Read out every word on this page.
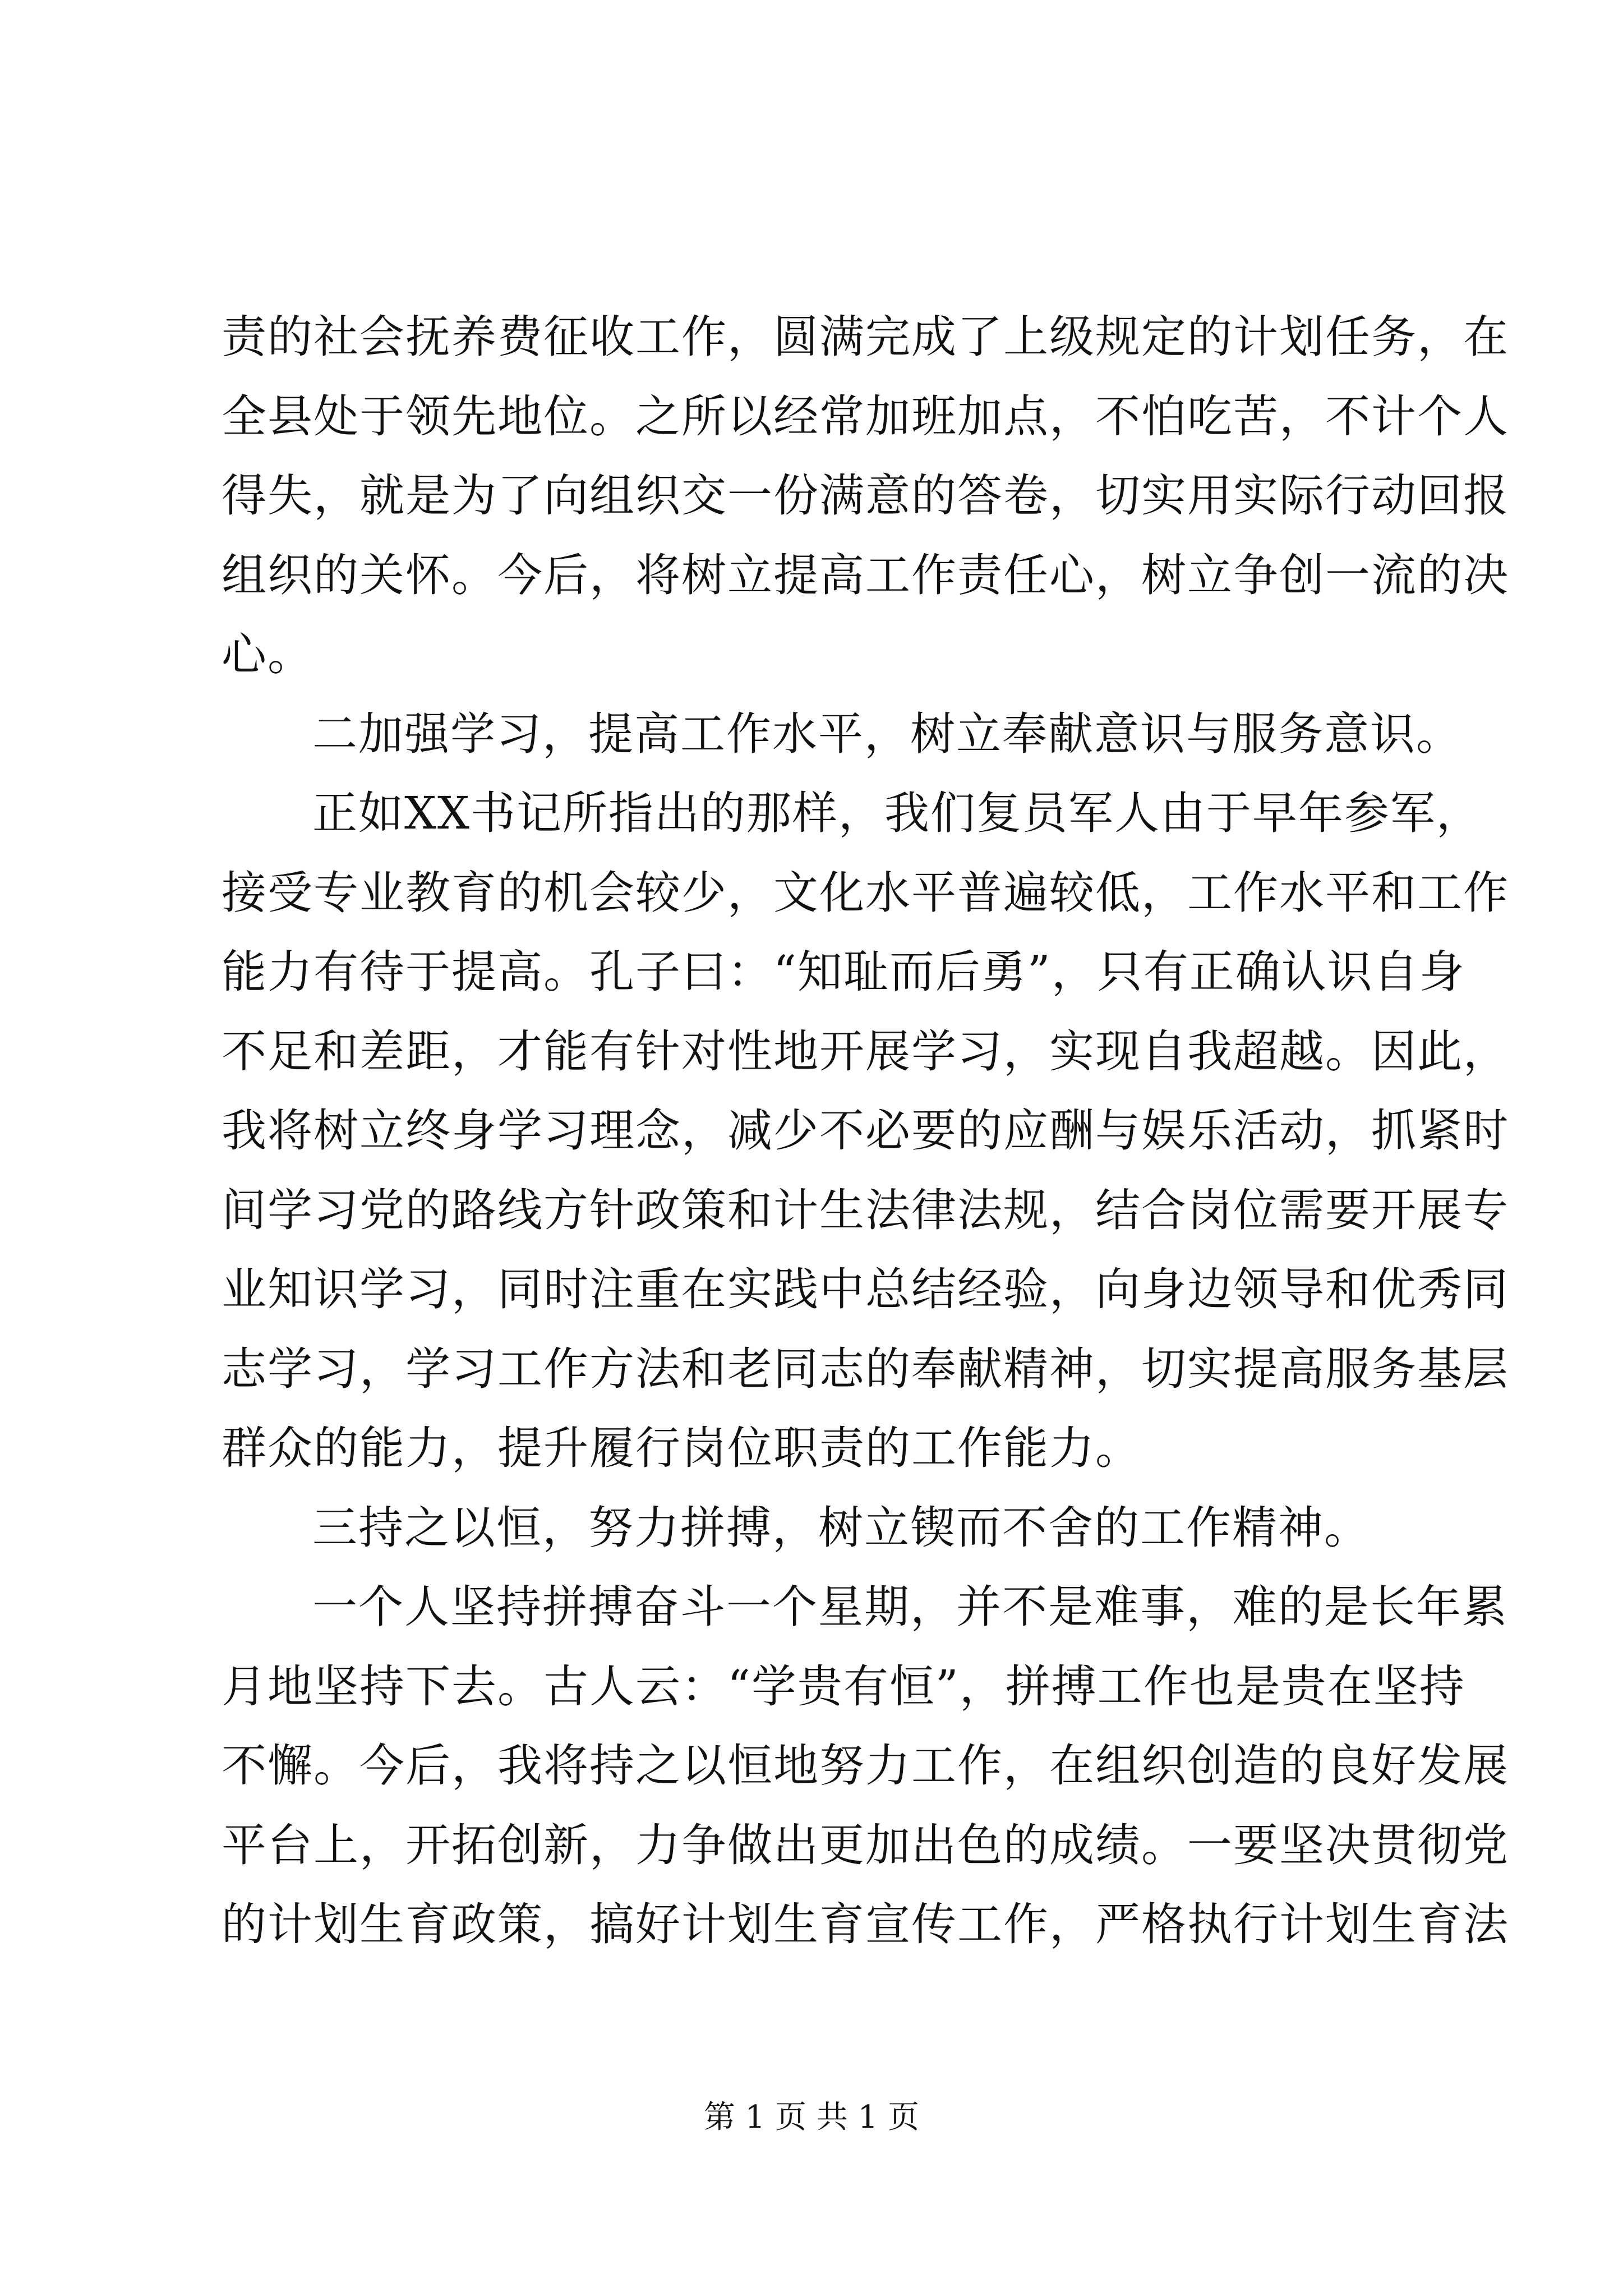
责的社会抚养费征收工作，圆满完成了上级规定的计划任务，在
全县处于领先地位。之所以经常加班加点，不怕吃苦，不计个人
得失，就是为了向组织交一份满意的答卷，切实用实际行动回报
组织的关怀。今后，将树立提高工作责任心，树立争创一流的决
心。
二加强学习，提高工作水平，树立奉献意识与服务意识。
正如XX书记所指出的那样，我们复员军人由于早年参军，
接受专业教育的机会较少，文化水平普遍较低，工作水平和工作
能力有待于提高。孔子曰：“知耻而后勇”，只有正确认识自身
不足和差距，才能有针对性地开展学习，实现自我超越。因此，
我将树立终身学习理念，减少不必要的应酬与娱乐活动，抓紧时
间学习党的路线方针政策和计生法律法规，结合岗位需要开展专
业知识学习，同时注重在实践中总结经验，向身边领导和优秀同
志学习，学习工作方法和老同志的奉献精神，切实提高服务基层
群众的能力，提升履行岗位职责的工作能力。
三持之以恒，努力拼搏，树立锲而不舍的工作精神。
一个人坚持拼搏奋斗一个星期，并不是难事，难的是长年累
月地坚持下去。古人云：“学贵有恒”，拼搏工作也是贵在坚持
不懈。今后，我将持之以恒地努力工作，在组织创造的良好发展
平台上，开拓创新，力争做出更加出色的成绩。一要坚决贯彻党
的计划生育政策，搞好计划生育宣传工作，严格执行计划生育法
第 1 页 共 1 页
